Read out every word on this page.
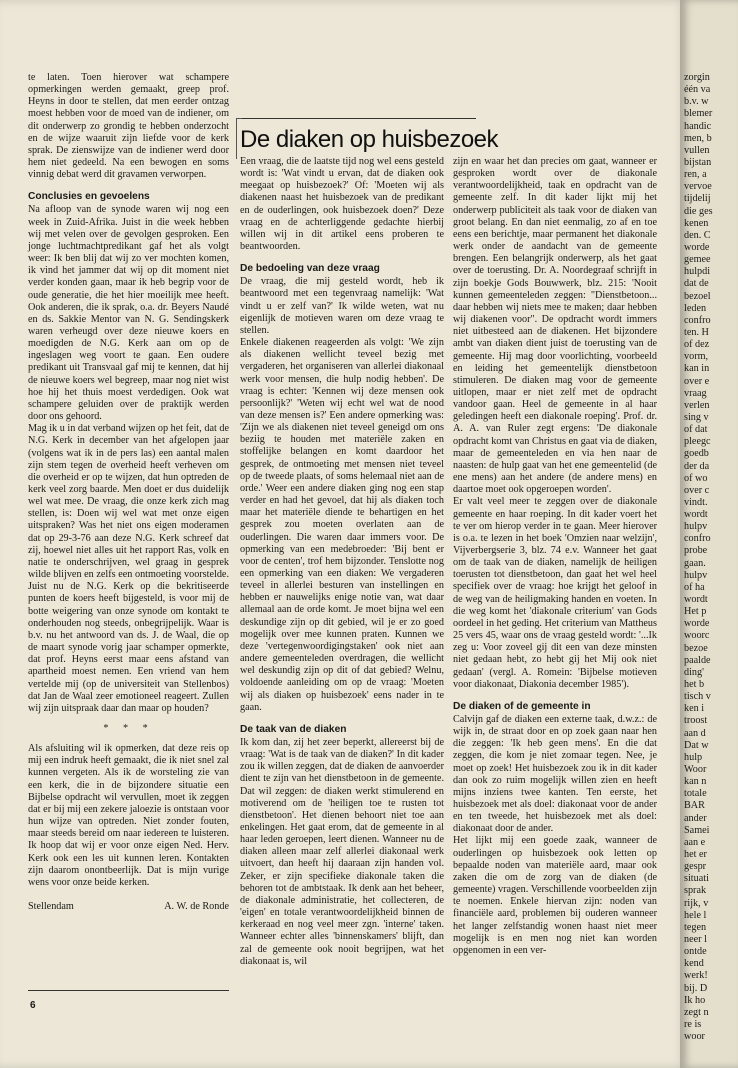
te laten. Toen hierover wat schampere opmerkingen werden gemaakt, greep prof. Heyns in door te stellen, dat men eerder ontzag moest hebben voor de moed van de indiener, om dit onderwerp zo grondig te hebben onderzocht en de wijze waaruit zijn liefde voor de kerk sprak. De zienswijze van de indiener werd door hem niet gedeeld. Na een bewogen en soms vinnig debat werd dit gravamen verworpen.

Conclusies en gevoelens

Na afloop van de synode waren wij nog een week in Zuid-Afrika. Juist in die week hebben wij met velen over de gevolgen gesproken. Een jonge luchtmachtpredikant gaf het als volgt weer: Ik ben blij dat wij zo ver mochten komen, ik vind het jammer dat wij op dit moment niet verder konden gaan, maar ik heb begrip voor de oude generatie, die het hier moeilijk mee heeft. Ook anderen, die ik sprak, o.a. dr. Beyers Naudé en ds. Sakkie Mentor van N. G. Sendingskerk waren verheugd over deze nieuwe koers en moedigden de N.G. Kerk aan om op de ingeslagen weg voort te gaan. Een oudere predikant uit Transvaal gaf mij te kennen, dat hij de nieuwe koers wel begreep, maar nog niet wist hoe hij het thuis moest verdedigen. Ook wat schampere geluiden over de praktijk werden door ons gehoord.

Mag ik u in dat verband wijzen op het feit, dat de N.G. Kerk in december van het afgelopen jaar (volgens wat ik in de pers las) een aantal malen zijn stem tegen de overheid heeft verheven om die overheid er op te wijzen, dat hun optreden de kerk veel zorg baarde. Men doet er dus duidelijk wel wat mee. De vraag, die onze kerk zich mag stellen, is: Doen wij wel wat met onze eigen uitspraken? Was het niet ons eigen moderamen dat op 29-3-76 aan deze N.G. Kerk schreef dat zij, hoewel niet alles uit het rapport Ras, volk en natie te onderschrijven, wel graag in gesprek wilde blijven en zelfs een ontmoeting voorstelde. Juist nu de N.G. Kerk op die bekritiseerde punten de koers heeft bijgesteld, is voor mij de botte weigering van onze synode om kontakt te onderhouden nog steeds, onbegrijpelijk. Waar is b.v. nu het antwoord van ds. J. de Waal, die op de maart synode vorig jaar schamper opmerkte, dat prof. Heyns eerst maar eens afstand van apartheid moest nemen. Een vriend van hem vertelde mij (op de universiteit van Stellenbos) dat Jan de Waal zeer emotioneel reageert. Zullen wij zijn uitspraak daar dan maar op houden?

* * *

Als afsluiting wil ik opmerken, dat deze reis op mij een indruk heeft gemaakt, die ik niet snel zal kunnen vergeten. Als ik de worsteling zie van een kerk, die in de bijzondere situatie een Bijbelse opdracht wil vervullen, moet ik zeggen dat er bij mij een zekere jaloezie is ontstaan voor hun wijze van optreden. Niet zonder fouten, maar steeds bereid om naar iedereen te luisteren. Ik hoop dat wij er voor onze eigen Ned. Herv. Kerk ook een les uit kunnen leren. Kontakten zijn daarom onontbeerlijk. Dat is mijn vurige wens voor onze beide kerken.

Stellendam	A. W. de Ronde
6
De diaken op huisbezoek

Een vraag, die de laatste tijd nog wel eens gesteld wordt is: 'Wat vindt u ervan, dat de diaken ook meegaat op huisbezoek?' Of: 'Moeten wij als diakenen naast het huisbezoek van de predikant en de ouderlingen, ook huisbezoek doen?' Deze vraag en de achterliggende gedachte hierbij willen wij in dit artikel eens proberen te beantwoorden.

De bedoeling van deze vraag

De vraag, die mij gesteld wordt, heb ik beantwoord met een tegenvraag namelijk: 'Wat vindt u er zelf van?' Ik wilde weten, wat nu eigenlijk de motieven waren om deze vraag te stellen.

Enkele diakenen reageerden als volgt: 'We zijn als diakenen wellicht teveel bezig met vergaderen, het organiseren van allerlei diakonaal werk voor mensen, die hulp nodig hebben'. De vraag is echter: 'Kennen wij deze mensen ook persoonlijk?' 'Weten wij echt wel wat de nood van deze mensen is?' Een andere opmerking was: 'Zijn we als diakenen niet teveel geneigd om ons beziig te houden met materiële zaken en stoffelijke belangen en komt daardoor het gesprek, de ontmoeting met mensen niet teveel op de tweede plaats, of soms helemaal niet aan de orde.' Weer een andere diaken ging nog een stap verder en had het gevoel, dat hij als diaken toch maar het materiële diende te behartigen en het gesprek zou moeten overlaten aan de ouderlingen. Die waren daar immers voor. De opmerking van een medebroeder: 'Bij bent er voor de centen', trof hem bijzonder. Tenslotte nog een opmerking van een diaken: We vergaderen teveel in allerlei besturen van instellingen en hebben er nauwelijks enige notie van, wat daar allemaal aan de orde komt. Je moet bijna wel een deskundige zijn op dit gebied, wil je er zo goed mogelijk over mee kunnen praten. Kunnen we deze 'vertegenwoordigingstaken' ook niet aan andere gemeenteleden overdragen, die wellicht wel deskundig zijn op dit of dat gebied? Welnu, voldoende aanleiding om op de vraag: 'Moeten wij als diaken op huisbezoek' eens nader in te gaan.

De taak van de diaken

Ik kom dan, zij het zeer beperkt, allereerst bij de vraag: 'Wat is de taak van de diaken?' In dit kader zou ik willen zeggen, dat de diaken de aanvoerder dient te zijn van het dienstbetoon in de gemeente. Dat wil zeggen: de diaken werkt stimulerend en motiverend om de 'heiligen toe te rusten tot dienstbetoon'. Het dienen behoort niet toe aan enkelingen. Het gaat erom, dat de gemeente in al haar leden geroepen, leert dienen. Wanneer nu de diaken alleen maar zelf allerlei diakonaal werk uitvoert, dan heeft hij daaraan zijn handen vol. Zeker, er zijn specifieke diakonale taken die behoren tot de ambtstaak. Ik denk aan het beheer, de diakonale administratie, het collecteren, de 'eigen' en totale verantwoordelijkheid binnen de kerkeraad en nog veel meer zgn. 'interne' taken. Wanneer echter alles 'binnenskamers' blijft, dan zal de gemeente ook nooit begrijpen, wat het diakonaat is, wil

zijn en waar het dan precies om gaat, wanneer er gesproken wordt over de diakonale verantwoordelijkheid, taak en opdracht van de gemeente zelf. In dit kader lijkt mij het onderwerp publiciteit als taak voor de diaken van groot belang. En dan niet eenmalig, zo af en toe eens een berichtje, maar permanent het diakonale werk onder de aandacht van de gemeente brengen. Een belangrijk onderwerp, als het gaat over de toerusting. Dr. A. Noordegraaf schrijft in zijn boekje Gods Bouwwerk, blz. 215: 'Nooit kunnen gemeenteleden zeggen: "Dienstbetoon... daar hebben wij niets mee te maken; daar hebben wij diakenen voor". De opdracht wordt immers niet uitbesteed aan de diakenen. Het bijzondere ambt van diaken dient juist de toerusting van de gemeente. Hij mag door voorlichting, voorbeeld en leiding het gemeentelijk dienstbetoon stimuleren. De diaken mag voor de gemeente uitlopen, maar er niet zelf met de opdracht vandoor gaan. Heel de gemeente in al haar geledingen heeft een diakonale roeping'. Prof. dr. A. A. van Ruler zegt ergens: 'De diakonale opdracht komt van Christus en gaat via de diaken, maar de gemeenteleden en via hen naar de naasten: de hulp gaat van het ene gemeentelid (de ene mens) aan het andere (de andere mens) en daartoe moet ook opgeroepen worden'.

Er valt veel meer te zeggen over de diakonale gemeente en haar roeping. In dit kader voert het te ver om hierop verder in te gaan. Meer hierover is o.a. te lezen in het boek 'Omzien naar welzijn', Vijverbergserie 3, blz. 74 e.v. Wanneer het gaat om de taak van de diaken, namelijk de heiligen toerusten tot dienstbetoon, dan gaat het wel heel specifiek over de vraag: hoe krijgt het geloof in de weg van de heiligmaking handen en voeten. In die weg komt het 'diakonale criterium' van Gods oordeel in het geding. Het criterium van Mattheus 25 vers 45, waar ons de vraag gesteld wordt: '...Ik zeg u: Voor zoveel gij dit een van deze minsten niet gedaan hebt, zo hebt gij het Mij ook niet gedaan' (vergl. A. Romein: 'Bijbelse motieven voor diakonaat, Diakonia december 1985').

De diaken of de gemeente in

Calvijn gaf de diaken een externe taak, d.w.z.: de wijk in, de straat door en op zoek gaan naar hen die zeggen: 'Ik heb geen mens'. En die dat zeggen, die kom je niet zomaar tegen. Nee, je moet op zoek! Het huisbezoek zou ik in dit kader dan ook zo ruim mogelijk willen zien en heeft mijns inziens twee kanten. Ten eerste, het huisbezoek met als doel: diakonaat voor de ander en ten tweede, het huisbezoek met als doel: diakonaat door de ander.

Het lijkt mij een goede zaak, wanneer de ouderlingen op huisbezoek ook letten op bepaalde noden van materiële aard, maar ook zaken die om de zorg van de diaken (de gemeente) vragen. Verschillende voorbeelden zijn te noemen. Enkele hiervan zijn: noden van financiële aard, problemen bij ouderen wanneer het langer zelfstandig wonen haast niet meer mogelijk is en men nog niet kan worden opgenomen in een ver-

zorgin
één va
b.v. w
blemer
handic
men, b
vullen
bijstan
ren, a
vervoe
tijdelij
die ges
kenen
den. C
worde
gemee
hulpdi
dat de
bezoel
leden
confro
ten. H
of dez
vorm,
kan in
over e
vraag
verlen
sing v
of dat
pleegc
goedb
der da
of wo
over c
vindt.
wordt
hulpv
confro
probe
gaan.
hulpv
of ha
wordt
Het p
worde
woorc
bezoe
paalde
ding'
het b
tisch v
ken i
troost
aan d
Dat w
hulp
Woor
kan n
totale
BAR
ander
Samei
aan e
het er
gespr
situati
sprak
rijk, v
hele l
tegen
neer l
ontde
kend
werk!
bij. D
Ik ho
zegt n
re is
woor
